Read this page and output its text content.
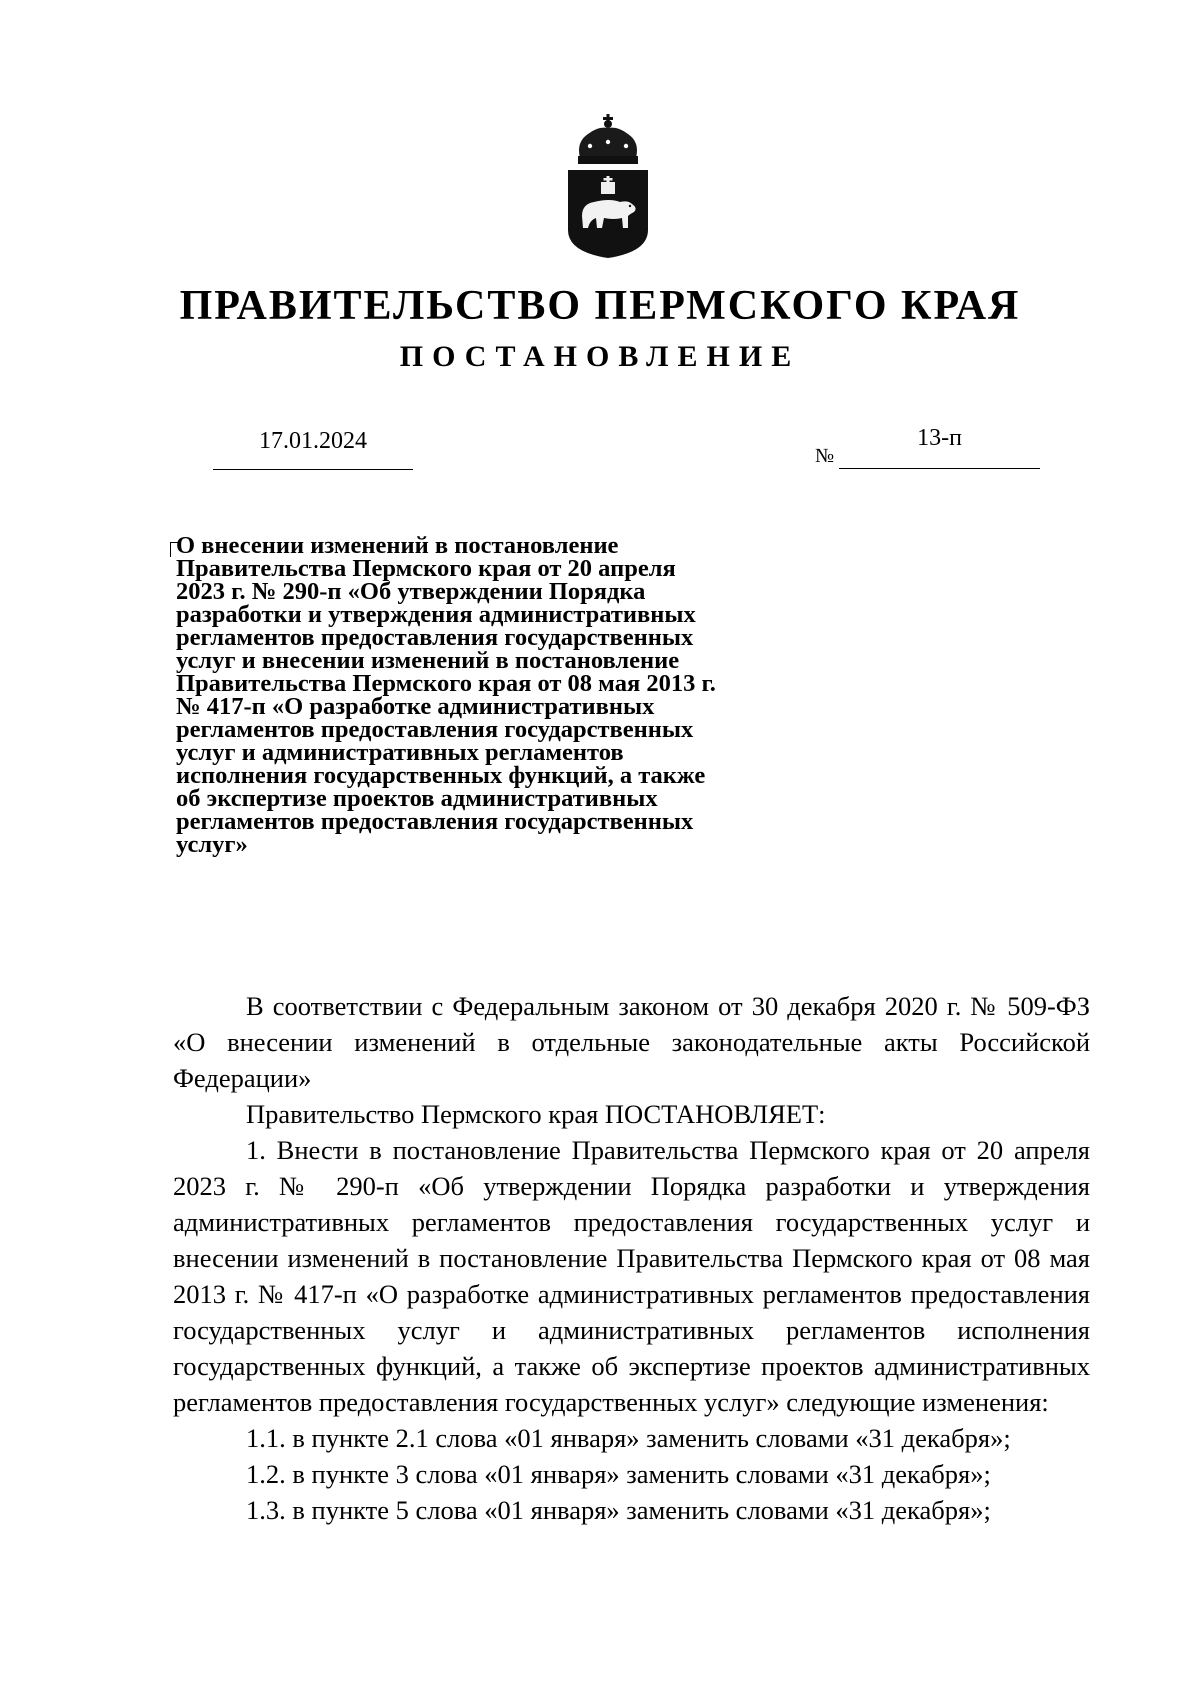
ПРАВИТЕЛЬСТВО ПЕРМСКОГО КРАЯ
ПОСТАНОВЛЕНИЕ
17.01.2024
№
13-п
О внесении изменений в постановление
Правительства Пермского края от 20 апреля
2023 г. № 290-п «Об утверждении Порядка
разработки и утверждения административных
регламентов предоставления государственных
услуг и внесении изменений в постановление
Правительства Пермского края от 08 мая 2013 г.
№ 417-п «О разработке административных
регламентов предоставления государственных
услуг и административных регламентов
исполнения государственных функций, а также
об экспертизе проектов административных
регламентов предоставления государственных
услуг»

В соответствии с Федеральным законом от 30 декабря 2020 г. № 509-ФЗ «О внесении изменений в отдельные законодательные акты Российской Федерации»

Правительство Пермского края ПОСТАНОВЛЯЕТ:

1. Внести в постановление Правительства Пермского края от 20 апреля 2023 г. № 290-п «Об утверждении Порядка разработки и утверждения административных регламентов предоставления государственных услуг и внесении изменений в постановление Правительства Пермского края от 08 мая 2013 г. № 417-п «О разработке административных регламентов предоставления государственных услуг и административных регламентов исполнения государственных функций, а также об экспертизе проектов административных регламентов предоставления государственных услуг» следующие изменения:

1.1. в пункте 2.1 слова «01 января» заменить словами «31 декабря»;

1.2. в пункте 3 слова «01 января» заменить словами «31 декабря»;

1.3. в пункте 5 слова «01 января» заменить словами «31 декабря»;
